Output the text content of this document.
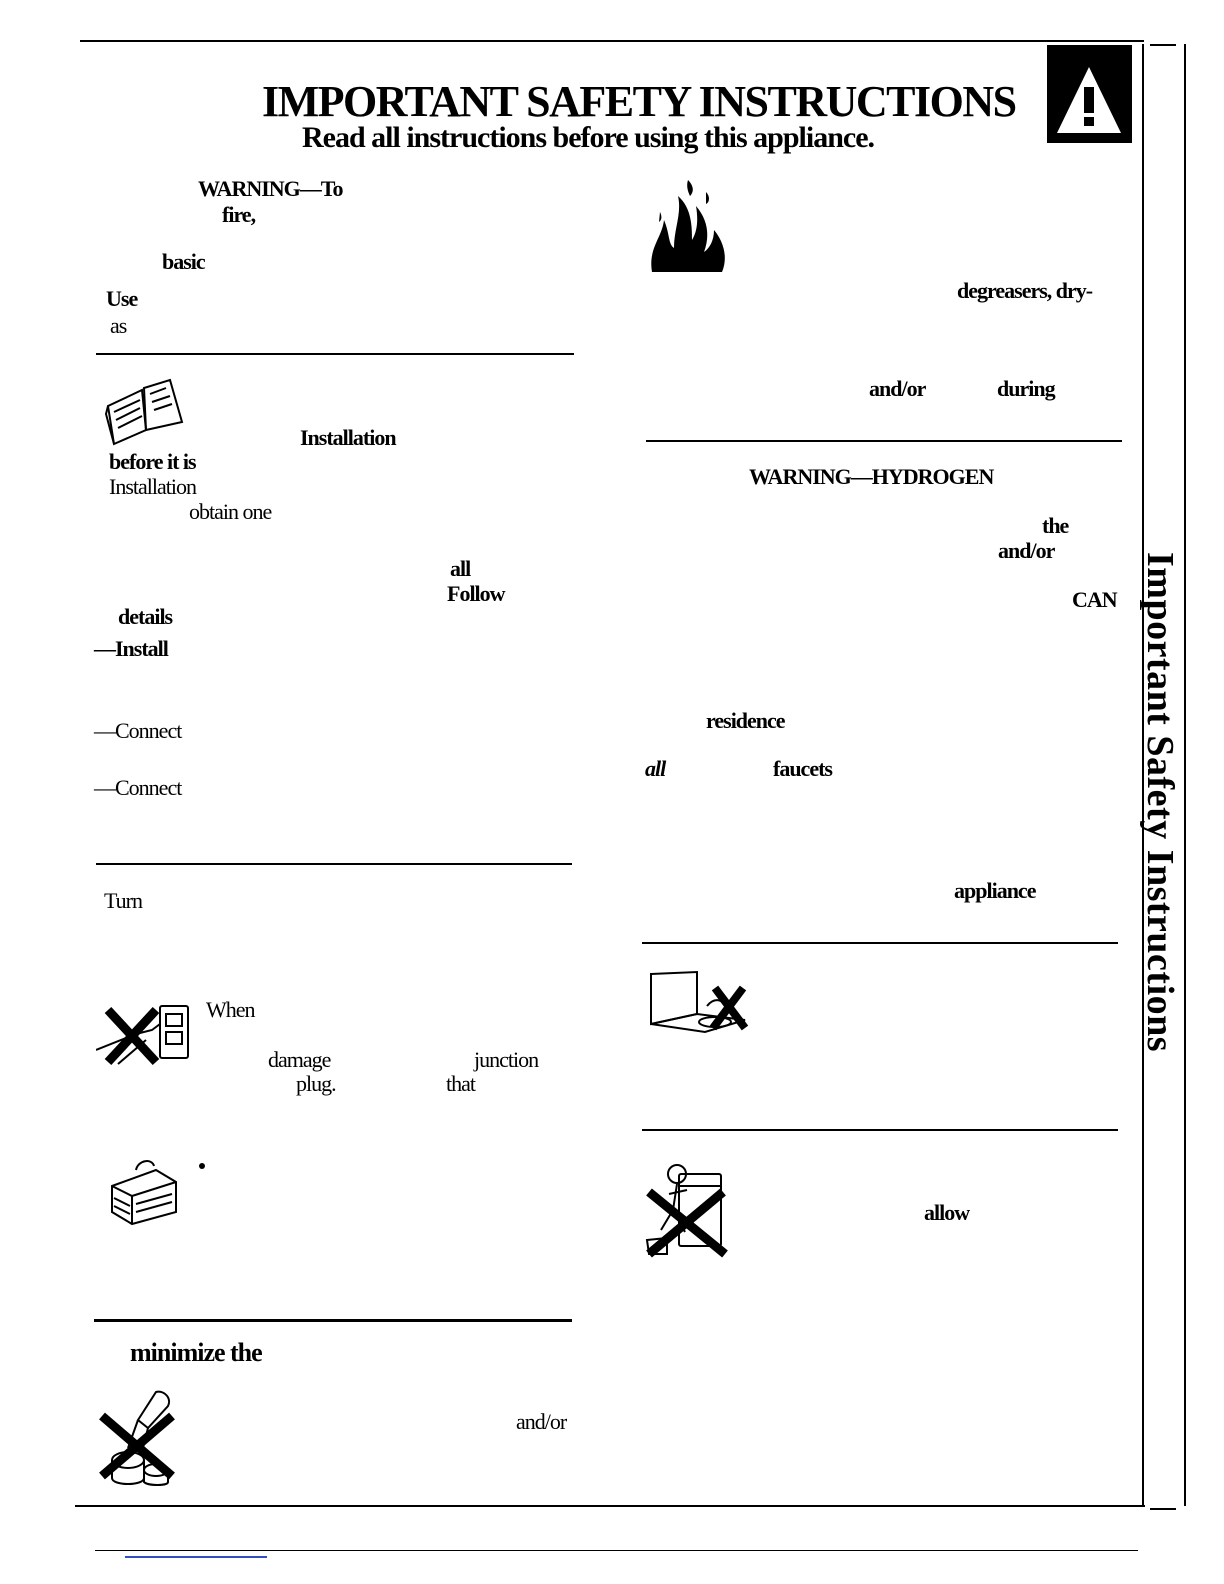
IMPORTANT SAFETY INSTRUCTIONS
Read all instructions before using this appliance.
Important Safety Instructions
WARNING—To
fire,
basic
Use
as
Installation
before it is
Installation
obtain one
all
Follow
details
—Install
—Connect
—Connect
Turn
When
damage	junction
plug.	that
minimize the
and/or
degreasers, dry-
and/or	during
WARNING—HYDROGEN
the
and/or
CAN
residence
all	faucets
appliance
allow
